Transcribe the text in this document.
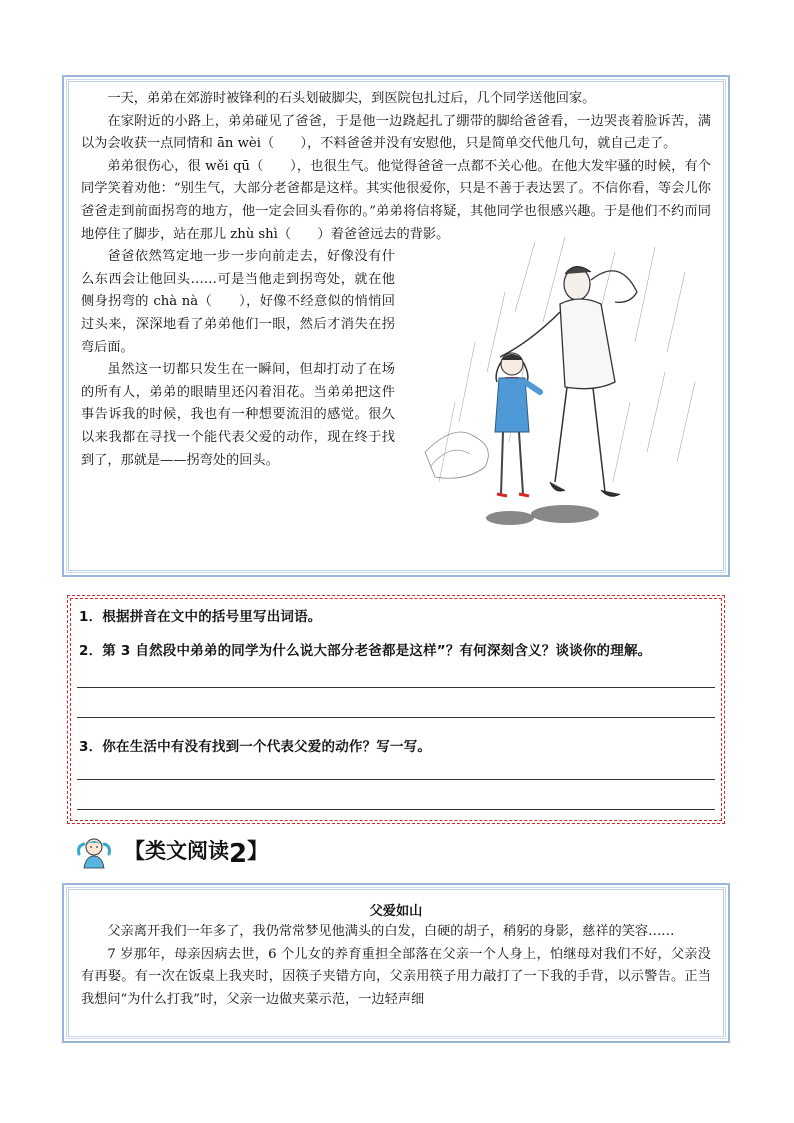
一天，弟弟在郊游时被锋利的石头划破脚尖，到医院包扎过后，几个同学送他回家。

在家附近的小路上，弟弟碰见了爸爸，于是他一边跷起扎了绷带的脚给爸爸看，一边哭丧着脸诉苦，满以为会收获一点同情和 ān wèi（　　），不料爸爸并没有安慰他，只是简单交代他几句，就自己走了。

弟弟很伤心，很 wěi qū（　　），也很生气。他觉得爸爸一点都不关心他。在他大发牢骚的时候，有个同学笑着劝他：“别生气，大部分老爸都是这样。其实他很爱你，只是不善于表达罢了。不信你看，等会儿你爸爸走到前面拐弯的地方，他一定会回头看你的。”弟弟将信将疑，其他同学也很感兴趣。于是他们不约而同地停住了脚步，站在那儿 zhù shì（　　）着爸爸远去的背影。

爸爸依然笃定地一步一步向前走去，好像没有什么东西会让他回头……可是当他走到拐弯处，就在他侧身拐弯的 chà nà（　　），好像不经意似的悄悄回过头来，深深地看了弟弟他们一眼，然后才消失在拐弯后面。

虽然这一切都只发生在一瞬间，但却打动了在场的所有人，弟弟的眼睛里还闪着泪花。当弟弟把这件事告诉我的时候，我也有一种想要流泪的感觉。很久以来我都在寻找一个能代表父爱的动作，现在终于找到了，那就是——拐弯处的回头。

1．根据拼音在文中的括号里写出词语。
2．第 3 自然段中弟弟的同学为什么说大部分老爸都是这样”？有何深刻含义？谈谈你的理解。
3．你在生活中有没有找到一个代表父爱的动作？写一写。
【类文阅读2】
父爱如山

父亲离开我们一年多了，我仍常常梦见他满头的白发，白硬的胡子，稍躬的身影，慈祥的笑容……

7 岁那年，母亲因病去世，6 个儿女的养育重担全部落在父亲一个人身上，怕继母对我们不好，父亲没有再娶。有一次在饭桌上我夹时，因筷子夹错方向，父亲用筷子用力敲打了一下我的手背，以示警告。正当我想问“为什么打我”时，父亲一边做夹菜示范，一边轻声细
